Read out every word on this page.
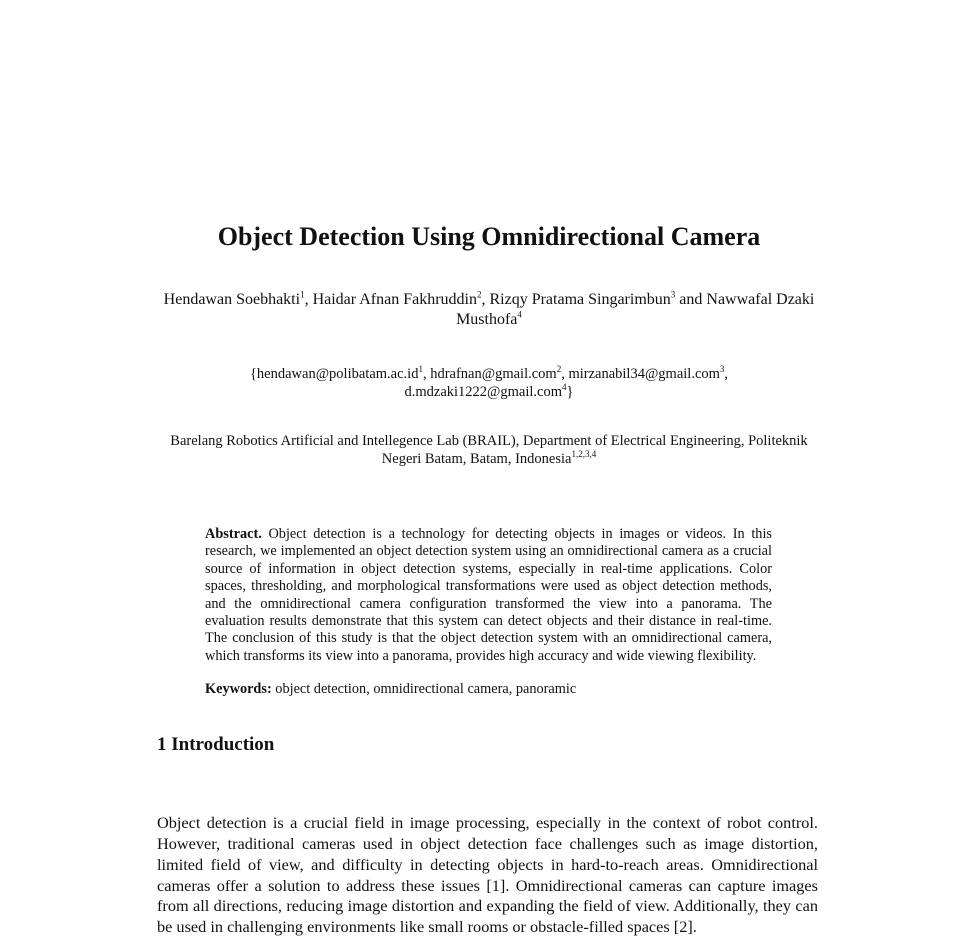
Object Detection Using Omnidirectional Camera
Hendawan Soebhakti$^1$, Haidar Afnan Fakhruddin$^2$, Rizqy Pratama Singarimbun$^3$ and Nawwafal Dzaki Musthofa$^4$
{$hendawan@polibatam.ac.id^1$, hdrafnan@gmail.com$^2$, mirzanabil34@gmail.com$^3$,
d.mdzaki1222@gmail.com$^4$}
Barelang Robotics Artificial and Intellegence Lab (BRAIL), Department of Electrical Engineering, Politeknik Negeri Batam, Batam, Indonesia$^{1,2,3,4}$
Abstract. Object detection is a technology for detecting objects in images or videos. In this research, we implemented an object detection system using an omnidirectional camera as a crucial source of information in object detection systems, especially in real-time applications. Color spaces, thresholding, and morphological transformations were used as object detection methods, and the omnidirectional camera configuration transformed the view into a panorama. The evaluation results demonstrate that this system can detect objects and their distance in real-time. The conclusion of this study is that the object detection system with an omnidirectional camera, which transforms its view into a panorama, provides high accuracy and wide viewing flexibility.
Keywords: object detection, omnidirectional camera, panoramic
1 Introduction

Object detection is a crucial field in image processing, especially in the context of robot control. However, traditional cameras used in object detection face challenges such as image distortion, limited field of view, and difficulty in detecting objects in hard-to-reach areas. Omnidirectional cameras offer a solution to address these issues [1]. Omnidirectional cameras can capture images from all directions, reducing image distortion and expanding the field of view. Additionally, they can be used in challenging environments like small rooms or obstacle-filled spaces [2].
